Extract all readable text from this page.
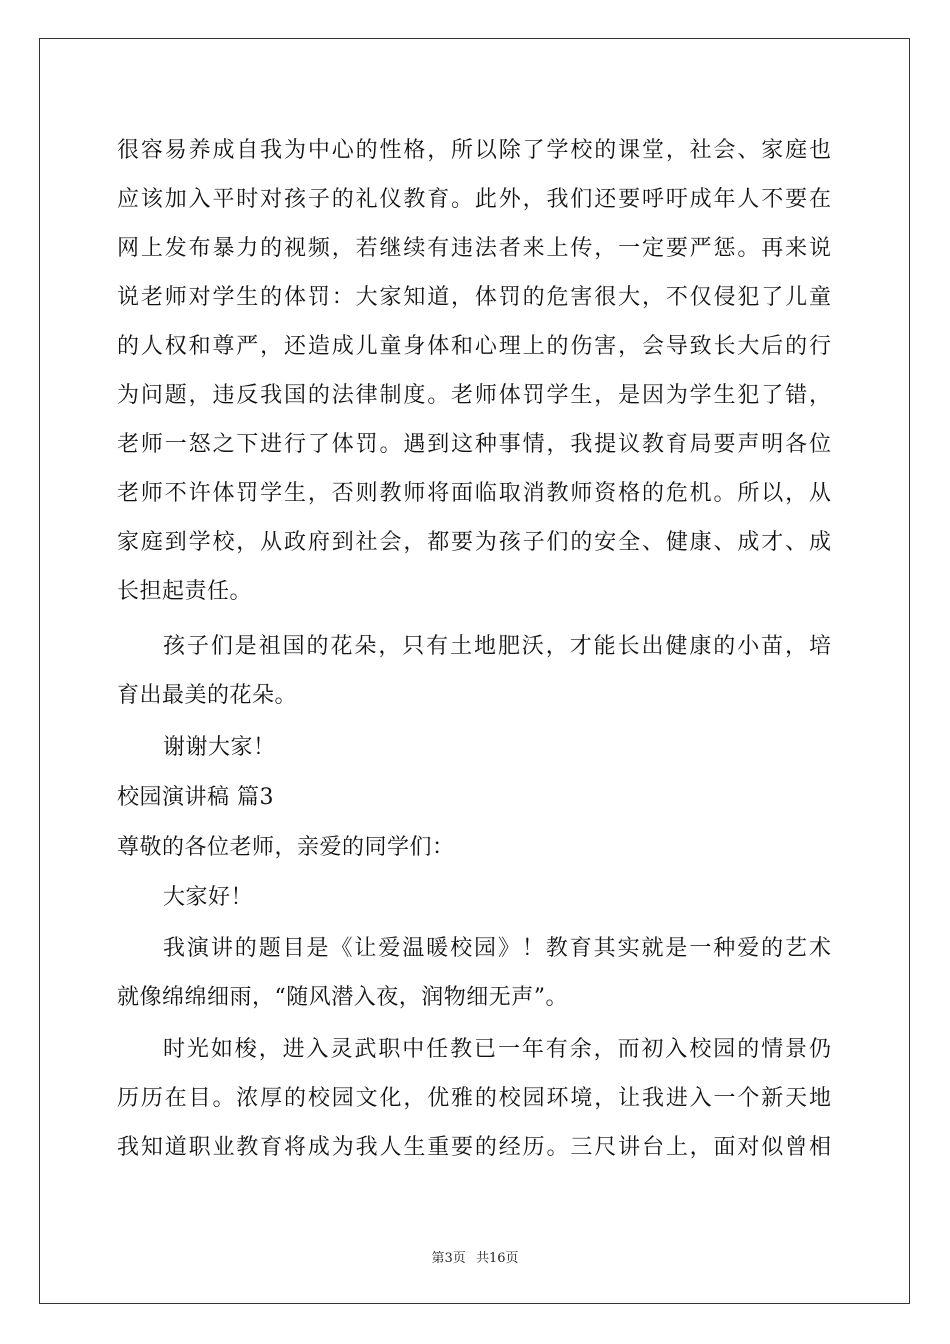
很容易养成自我为中心的性格，所以除了学校的课堂，社会、家庭也
应该加入平时对孩子的礼仪教育。此外，我们还要呼吁成年人不要在
网上发布暴力的视频，若继续有违法者来上传，一定要严惩。再来说
说老师对学生的体罚：大家知道，体罚的危害很大，不仅侵犯了儿童
的人权和尊严，还造成儿童身体和心理上的伤害，会导致长大后的行
为问题，违反我国的法律制度。老师体罚学生，是因为学生犯了错，
老师一怒之下进行了体罚。遇到这种事情，我提议教育局要声明各位
老师不许体罚学生，否则教师将面临取消教师资格的危机。所以，从
家庭到学校，从政府到社会，都要为孩子们的安全、健康、成才、成
长担起责任。
孩子们是祖国的花朵，只有土地肥沃，才能长出健康的小苗，培
育出最美的花朵。
谢谢大家！
校园演讲稿 篇3
尊敬的各位老师，亲爱的同学们：
大家好！
我演讲的题目是《让爱温暖校园》！教育其实就是一种爱的艺术
就像绵绵细雨，“随风潜入夜，润物细无声”。
时光如梭，进入灵武职中任教已一年有余，而初入校园的情景仍
历历在目。浓厚的校园文化，优雅的校园环境，让我进入一个新天地
我知道职业教育将成为我人生重要的经历。三尺讲台上，面对似曾相
第3页 共16页
